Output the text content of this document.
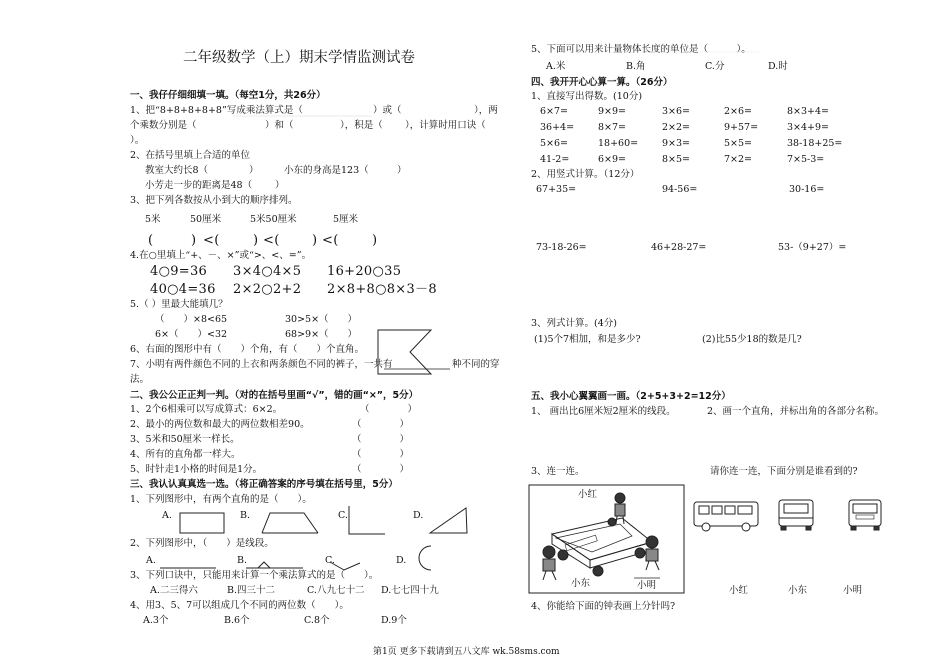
二年级数学（上）期末学情监测试卷
一、我仔仔细细填一填。（每空1分，共26分）
1、把“8+8+8+8+8”写成乘法算式是（	）或（	），两
个乘数分别是（	）和（	），积是（ ），计算时用口诀（
）。
2、在括号里填上合适的单位
教室大约长8（	）	小东的身高是123（	）
小芳走一步的距离是48（ ）
3、把下列各数按从小到大的顺序排列。
5米	50厘米	5米50厘米	5厘米
(	) <(	) <( ) <(	)
4.在○里填上“+、－、×”或“>、<、=”。
4○9=36 3×4○4×5 16+20○35
40○4=36 2×2○2+2 2×8+8○8×3－8
5.（ ）里最大能填几？
（　　）×8<65	30>5×（　　）
6×（　　）<32	68>9×（　　）
6、右面的图形中有（　　）个角，有（　　）个直角。
7、小明有两件颜色不同的上衣和两条颜色不同的裤子，一共有	种不同的穿
法。
二、我公公正正判一判。（对的在括号里画“√”，错的画“×”，5分）
1、2个6相乘可以写成算式：6×2。	（　　　　）
2、最小的两位数和最大的两位数相差90。	（　　　　）
3、5米和50厘米一样长。	（　　　　）
4、所有的直角都一样大。	（　　　　）
5、时针走1小格的时间是1分。	（　　　　）
三、我认认真真选一选。（将正确答案的序号填在括号里，5分）
1、下列图形中，有两个直角的是（　　）。
A.	B.	C.	D.
2、下列图形中，（　　）是线段。
A.	B.	C.	D.
3、下列口诀中，只能用来计算一个乘法算式的是（　　）。
A.二三得六	B.四三十二	C.八九七十二 D.七七四十九
4、用3、5、7可以组成几个不同的两位数（　　）。
A.3个	B.6个	C.8个	D.9个
5、下面可以用来计量物体长度的单位是（　　　）。
A.米	B.角	C.分	D.时
四、我开开心心算一算。（26分）
1、直接写出得数。(10分)
6×7=	9×9=	3×6=	2×6=	8×3+4=
36+4=	8×7=	2×2=	9+57=	3×4+9=
5×6=	18+60=	9×3=	5×5=	38-18+25=
41-2=	6×9=	8×5=	7×2=	7×5-3=
2、用竖式计算。（12分）
67+35=	94-56=	30-16=
73-18-26=	46+28-27=	53-（9+27）=
3、列式计算。(4分)
(1)5个7相加，和是多少?	(2)比55少18的数是几?
五、我小心翼翼画一画。（2+5+3+2=12分）
1、 画出比6厘米短2厘米的线段。	2、画一个直角，并标出角的各部分名称。
3、连一连。	请你连一连，下面分别是谁看到的?
小红
小东	小明	小红	小东	小明
4、你能给下面的钟表画上分针吗?
第1页 更多下载请到五八文库 wk.58sms.com
